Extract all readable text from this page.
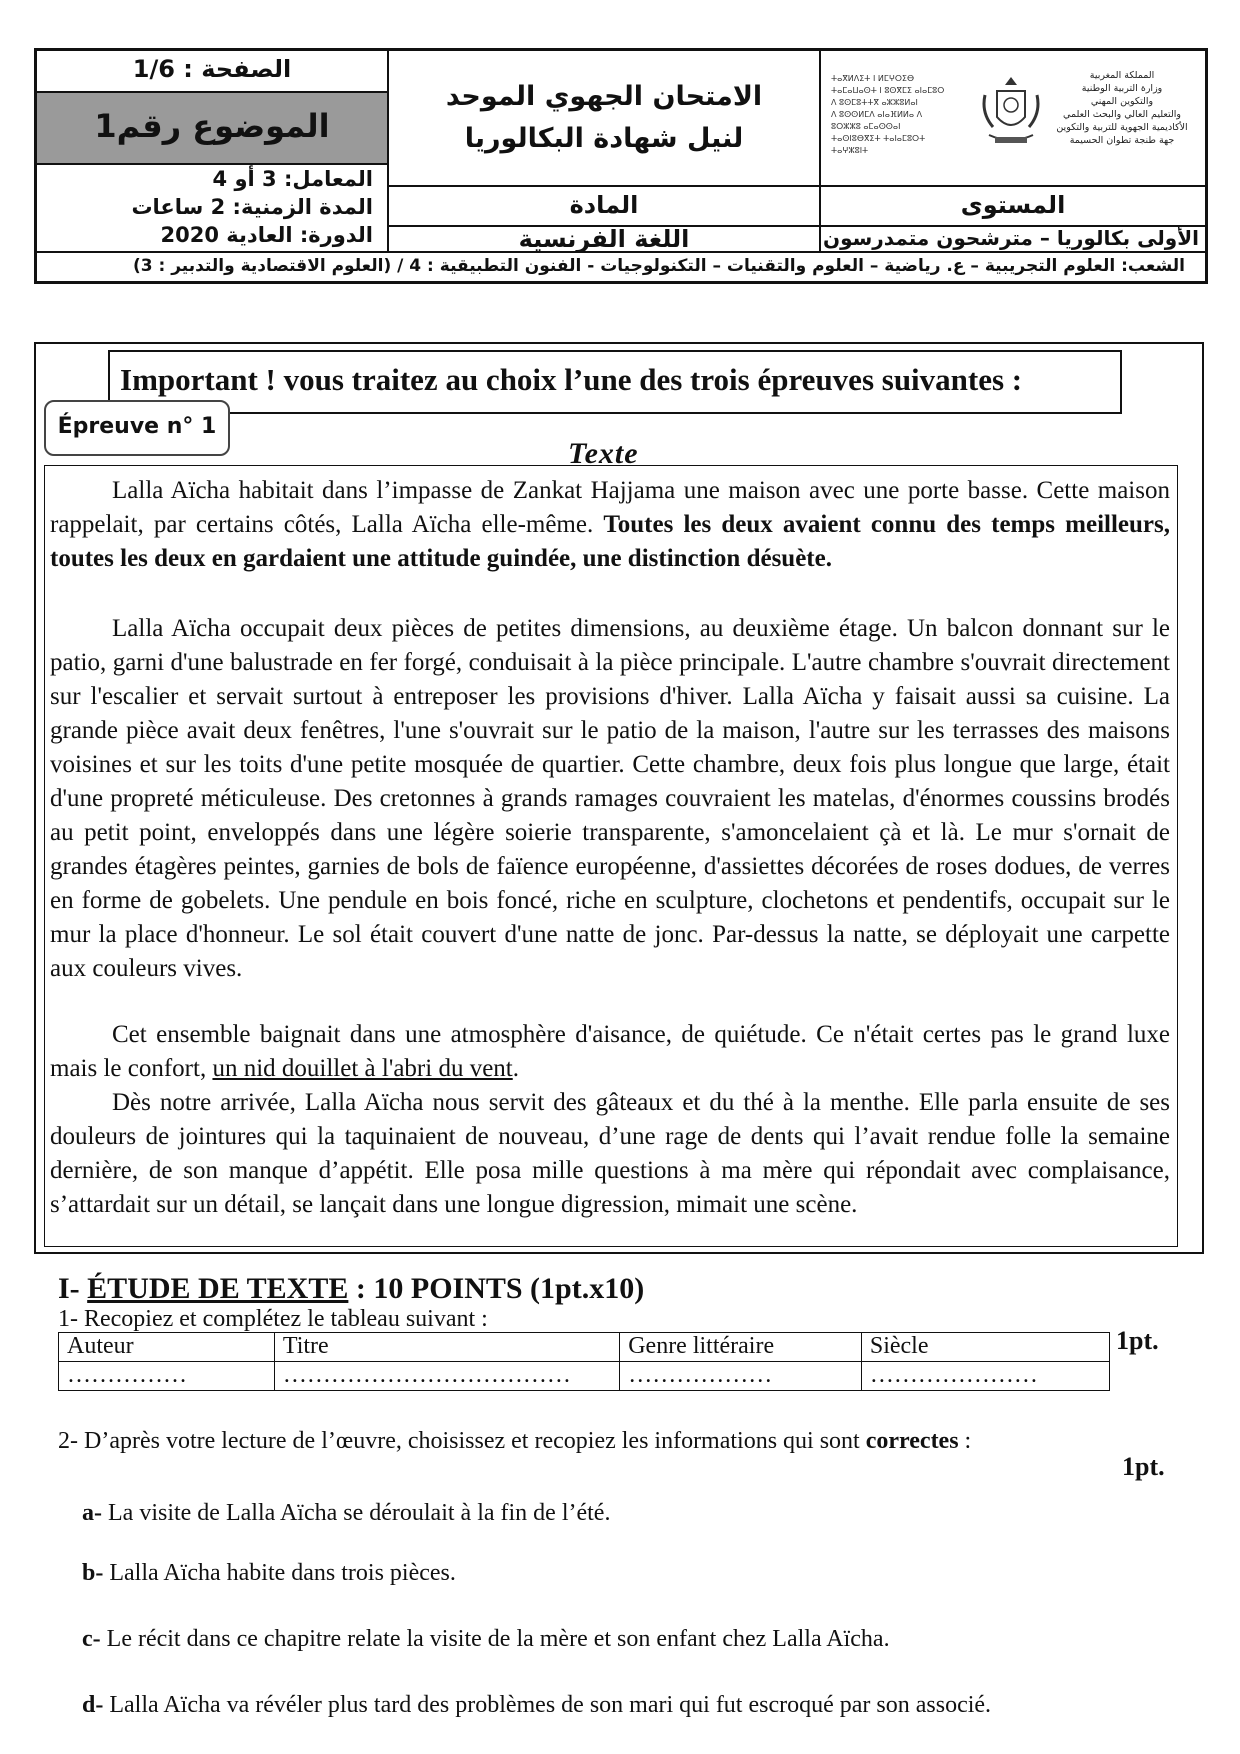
الصفحة : 1/6
الموضوع رقم1
المعامل: 3 أو 4
المدة الزمنية: 2 ساعات
الدورة: العادية 2020
الامتحان الجهوي الموحد
لنيل شهادة البكالوريا
المادة
اللغة الفرنسية
ⵜⴰⴳⵍⴷⵉⵜ ⵏ ⵍⵎⵖⵔⵉⴱ
ⵜⴰⵎⴰⵡⴰⵙⵜ ⵏ ⵓⵙⴳⵎⵉ ⴰⵏⴰⵎⵓⵔ
ⴷ ⵓⵙⵎⵓⵜⵜⴳ ⴰⵣⵣⵓⵍⴰⵏ
ⴷ ⵓⵙⵙⵍⵎⴷ ⴰⵏⴰⴼⵍⵍⴰ ⴷ ⵓⵔⵣⵣⵓ ⴰⵎⴰⵙⵙⴰⵏ
ⵜⴰⵙⵏⵓⴱⴳⵉⵜ ⵜⴰⵏⴰⵎⵓⵔⵜ
ⵜⴰⵖⵣⵓⵏⵜ
المملكة المغربية
وزارة التربية الوطنية
والتكوين المهني
والتعليم العالي والبحث العلمي
الأكاديمية الجهوية للتربية والتكوين
جهة طنجة تطوان الحسيمة
المستوى
الأولى بكالوريا – مترشحون متمدرسون
الشعب: العلوم التجريبية – ع. رياضية – العلوم والتقنيات – التكنولوجيات - الفنون التطبيقية : 4 / (العلوم الاقتصادية والتدبير : 3)
Important ! vous traitez au choix l’une des trois épreuves suivantes :
Épreuve n° 1
Texte

Lalla Aïcha habitait dans l’impasse de Zankat Hajjama une maison avec une porte basse. Cette maison rappelait, par certains côtés, Lalla Aïcha elle-même. Toutes les deux avaient connu des temps meilleurs, toutes les deux en gardaient une attitude guindée, une distinction désuète.

Lalla Aïcha occupait deux pièces de petites dimensions, au deuxième étage. Un balcon donnant sur le patio, garni d'une balustrade en fer forgé, conduisait à la pièce principale. L'autre chambre s'ouvrait directement sur l'escalier et servait surtout à entreposer les provisions d'hiver. Lalla Aïcha y faisait aussi sa cuisine. La grande pièce avait deux fenêtres, l'une s'ouvrait sur le patio de la maison, l'autre sur les terrasses des maisons voisines et sur les toits d'une petite mosquée de quartier. Cette chambre, deux fois plus longue que large, était d'une propreté méticuleuse. Des cretonnes à grands ramages couvraient les matelas, d'énormes coussins brodés au petit point, enveloppés dans une légère soierie transparente, s'amoncelaient çà et là. Le mur s'ornait de grandes étagères peintes, garnies de bols de faïence européenne, d'assiettes décorées de roses dodues, de verres en forme de gobelets. Une pendule en bois foncé, riche en sculpture, clochetons et pendentifs, occupait sur le mur la place d'honneur. Le sol était couvert d'une natte de jonc. Par-dessus la natte, se déployait une carpette aux couleurs vives.

Cet ensemble baignait dans une atmosphère d'aisance, de quiétude. Ce n'était certes pas le grand luxe mais le confort, un nid douillet à l'abri du vent.

Dès notre arrivée, Lalla Aïcha nous servit des gâteaux et du thé à la menthe. Elle parla ensuite de ses douleurs de jointures qui la taquinaient de nouveau, d’une rage de dents qui l’avait rendue folle la semaine dernière, de son manque d’appétit. Elle posa mille questions à ma mère qui répondait avec complaisance, s’attardait sur un détail, se lançait dans une longue digression, mimait une scène.

I- ÉTUDE DE TEXTE : 10 POINTS (1pt.x10)
1- Recopiez et complétez le tableau suivant :
1pt.
Auteur	Titre	Genre littéraire	Siècle
……………	………………………………	………………	…………………
2- D’après votre lecture de l’œuvre, choisissez et recopiez les informations qui sont correctes :
1pt.
a- La visite de Lalla Aïcha se déroulait à la fin de l’été.
b- Lalla Aïcha habite dans trois pièces.
c- Le récit dans ce chapitre relate la visite de la mère et son enfant chez Lalla Aïcha.
d- Lalla Aïcha va révéler plus tard des problèmes de son mari qui fut escroqué par son associé.
